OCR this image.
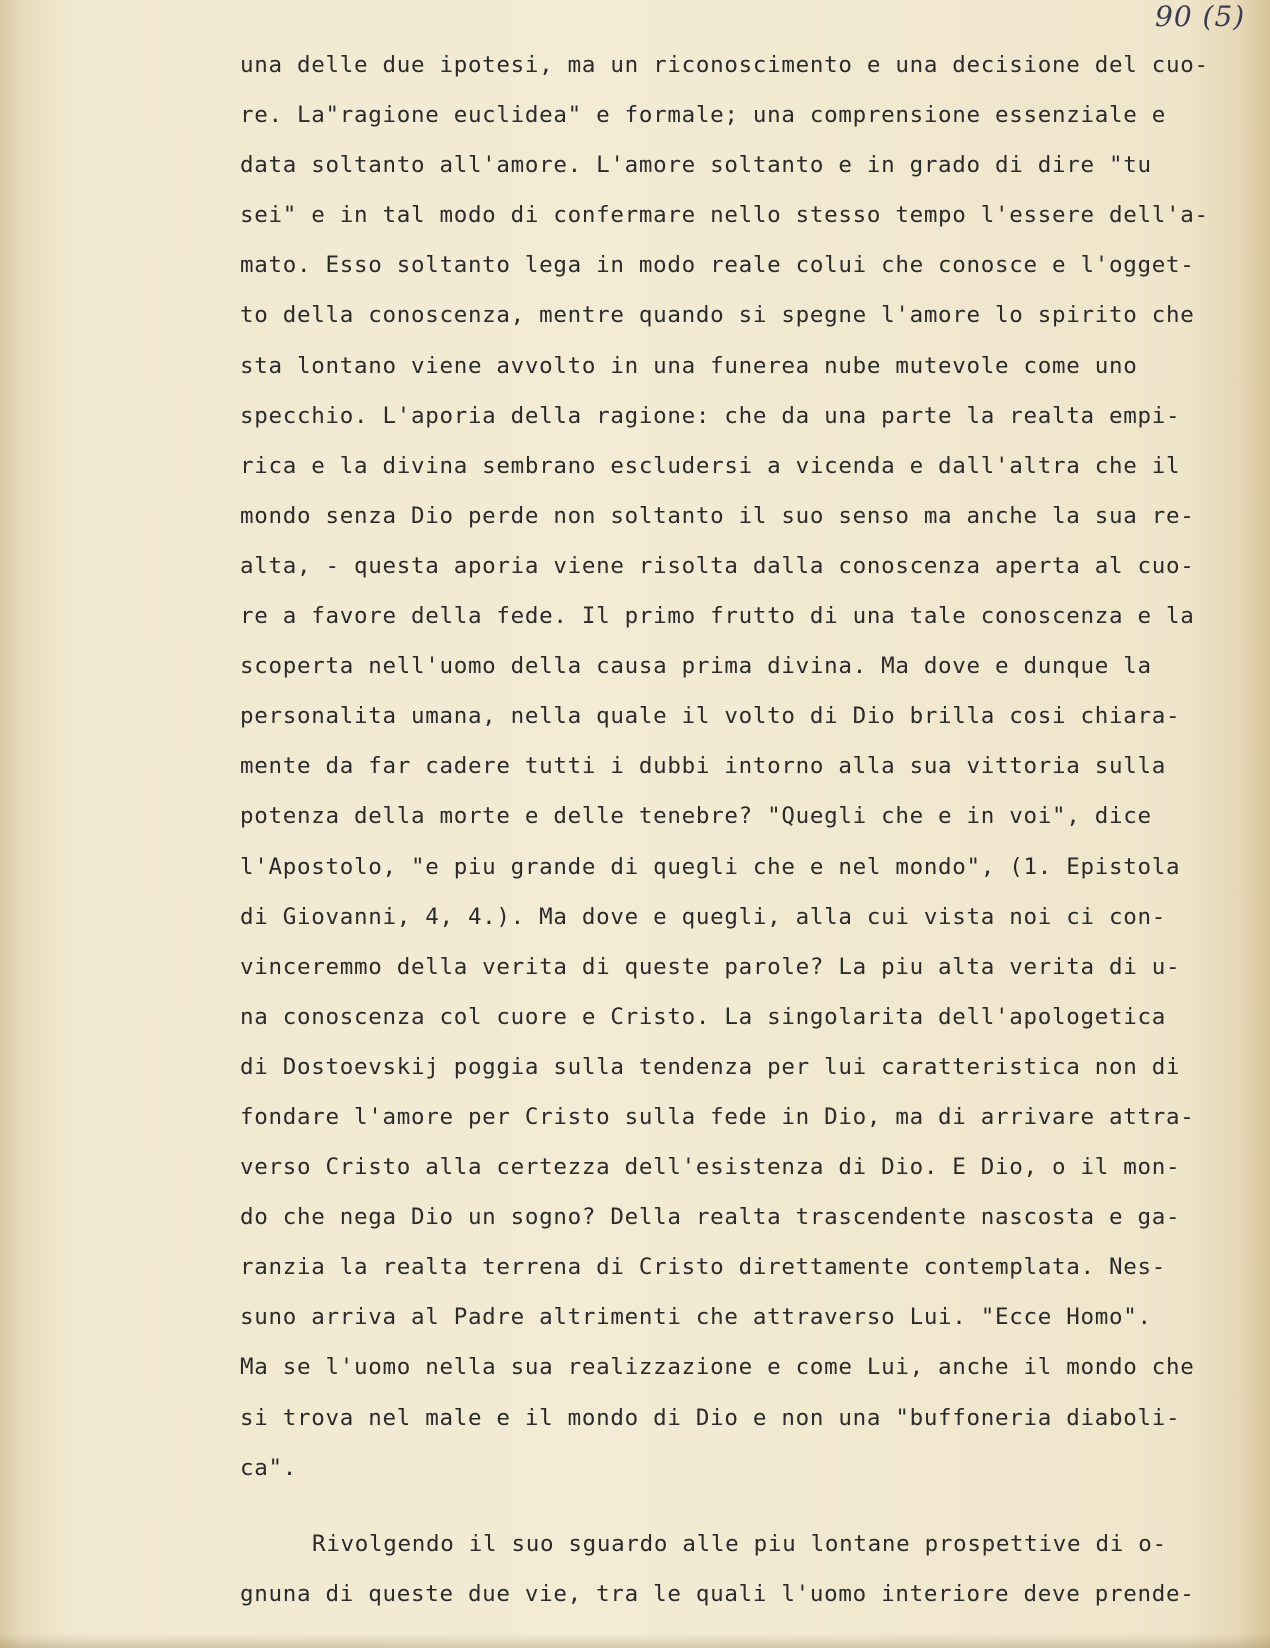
90 (5)
una delle due ipotesi, ma un riconoscimento e una decisione del cuo-
re. La"ragione euclidea" e formale; una comprensione essenziale e
data soltanto all'amore. L'amore soltanto e in grado di dire "tu
sei" e in tal modo di confermare nello stesso tempo l'essere dell'a-
mato. Esso soltanto lega in modo reale colui che conosce e l'ogget-
to della conoscenza, mentre quando si spegne l'amore lo spirito che
sta lontano viene avvolto in una funerea nube mutevole come uno
specchio. L'aporia della ragione: che da una parte la realta empi-
rica e la divina sembrano escludersi a vicenda e dall'altra che il
mondo senza Dio perde non soltanto il suo senso ma anche la sua re-
alta, - questa aporia viene risolta dalla conoscenza aperta al cuo-
re a favore della fede. Il primo frutto di una tale conoscenza e la
scoperta nell'uomo della causa prima divina. Ma dove e dunque la
personalita umana, nella quale il volto di Dio brilla cosi chiara-
mente da far cadere tutti i dubbi intorno alla sua vittoria sulla
potenza della morte e delle tenebre? "Quegli che e in voi", dice
l'Apostolo, "e piu grande di quegli che e nel mondo", (1. Epistola
di Giovanni, 4, 4.). Ma dove e quegli, alla cui vista noi ci con-
vinceremmo della verita di queste parole? La piu alta verita di u-
na conoscenza col cuore e Cristo. La singolarita dell'apologetica
di Dostoevskij poggia sulla tendenza per lui caratteristica non di
fondare l'amore per Cristo sulla fede in Dio, ma di arrivare attra-
verso Cristo alla certezza dell'esistenza di Dio. E Dio, o il mon-
do che nega Dio un sogno? Della realta trascendente nascosta e ga-
ranzia la realta terrena di Cristo direttamente contemplata. Nes-
suno arriva al Padre altrimenti che attraverso Lui. "Ecce Homo".
Ma se l'uomo nella sua realizzazione e come Lui, anche il mondo che
si trova nel male e il mondo di Dio e non una "buffoneria diaboli-
ca".
Rivolgendo il suo sguardo alle piu lontane prospettive di o-
gnuna di queste due vie, tra le quali l'uomo interiore deve prende-
